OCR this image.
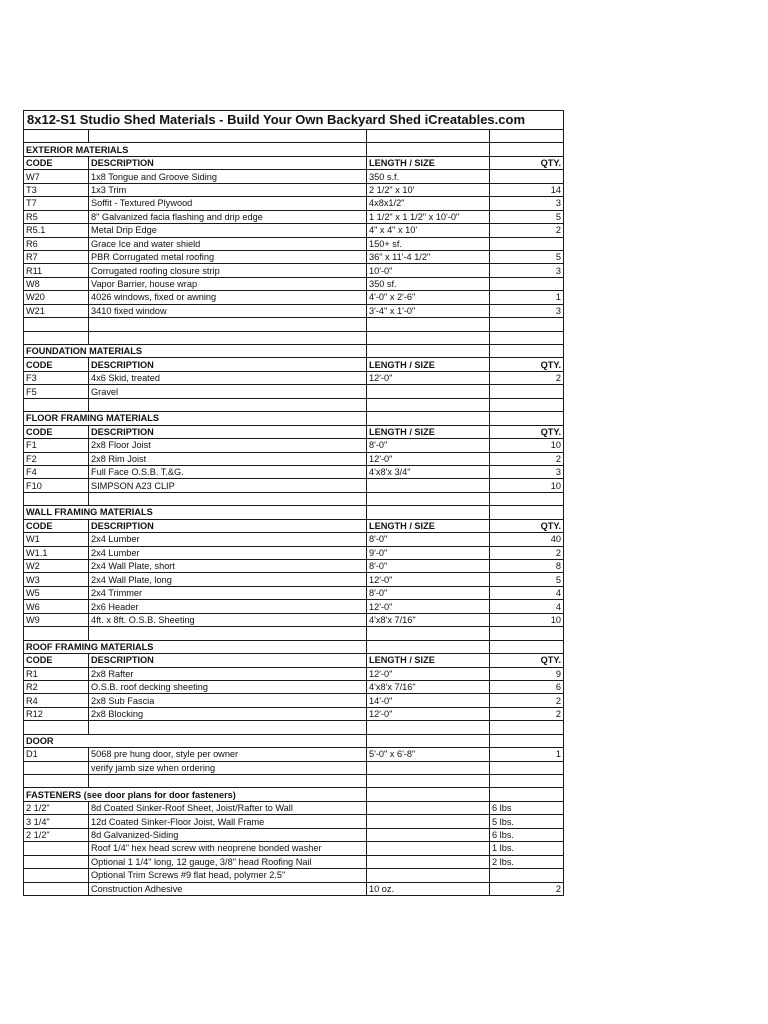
8x12-S1 Studio Shed Materials - Build Your Own Backyard Shed iCreatables.com			

EXTERIOR MATERIALS			
CODE	DESCRIPTION	LENGTH / SIZE	QTY.
W7	1x8 Tongue and Groove Siding	350 s.f.	
T3	1x3 Trim	2 1/2" x 10'	14
T7	Soffit - Textured Plywood	4x8x1/2"	3
R5	8" Galvanized facia flashing and drip edge	1 1/2" x 1 1/2" x 10'-0"	5
R5.1	Metal Drip Edge	4" x 4" x 10'	2
R6	Grace Ice and water shield	150+ sf.	
R7	PBR Corrugated metal roofing	36" x 11'-4 1/2"	5
R11	Corrugated roofing closure strip	10'-0"	3
W8	Vapor Barrier, house wrap	350 sf.	
W20	4026 windows, fixed or awning	4'-0" x 2'-6"	1
W21	3410 fixed window	3'-4" x 1'-0"	3

FOUNDATION MATERIALS			
CODE	DESCRIPTION	LENGTH / SIZE	QTY.
F3	4x6 Skid, treated	12'-0"	2
F5	Gravel		

FLOOR FRAMING MATERIALS			
CODE	DESCRIPTION	LENGTH / SIZE	QTY.
F1	2x8 Floor Joist	8'-0"	10
F2	2x8 Rim Joist	12'-0"	2
F4	Full Face O.S.B. T.&G.	4'x8'x 3/4"	3
F10	SIMPSON A23 CLIP		10

WALL FRAMING MATERIALS			
CODE	DESCRIPTION	LENGTH / SIZE	QTY.
W1	2x4 Lumber	8'-0"	40
W1.1	2x4 Lumber	9'-0"	2
W2	2x4 Wall Plate, short	8'-0"	8
W3	2x4 Wall Plate, long	12'-0"	5
W5	2x4 Trimmer	8'-0"	4
W6	2x6 Header	12'-0"	4
W9	4ft. x 8ft. O.S.B. Sheeting	4'x8'x 7/16"	10

ROOF FRAMING MATERIALS			
CODE	DESCRIPTION	LENGTH / SIZE	QTY.
R1	2x8 Rafter	12'-0"	9
R2	O.S.B. roof decking sheeting	4'x8'x 7/16"	6
R4	2x8 Sub Fascia	14'-0"	2
R12	2x8 Blocking	12'-0"	2

DOOR			
D1	5068 pre hung door, style per owner	5'-0" x 6'-8"	1
	verify jamb size when ordering		

FASTENERS (see door plans for door fasteners)			
2 1/2"	8d Coated Sinker-Roof Sheet, Joist/Rafter to Wall		6 lbs
3 1/4"	12d Coated Sinker-Floor Joist, Wall Frame		5 lbs.
2 1/2"	8d Galvanized-Siding		6 lbs.
	Roof 1/4" hex head screw with neoprene bonded washer		1 lbs.
	Optional 1 1/4" long, 12 gauge, 3/8" head Roofing Nail		2 lbs.
	Optional Trim Screws #9 flat head, polymer 2.5"		
	Construction Adhesive	10 oz.	2
